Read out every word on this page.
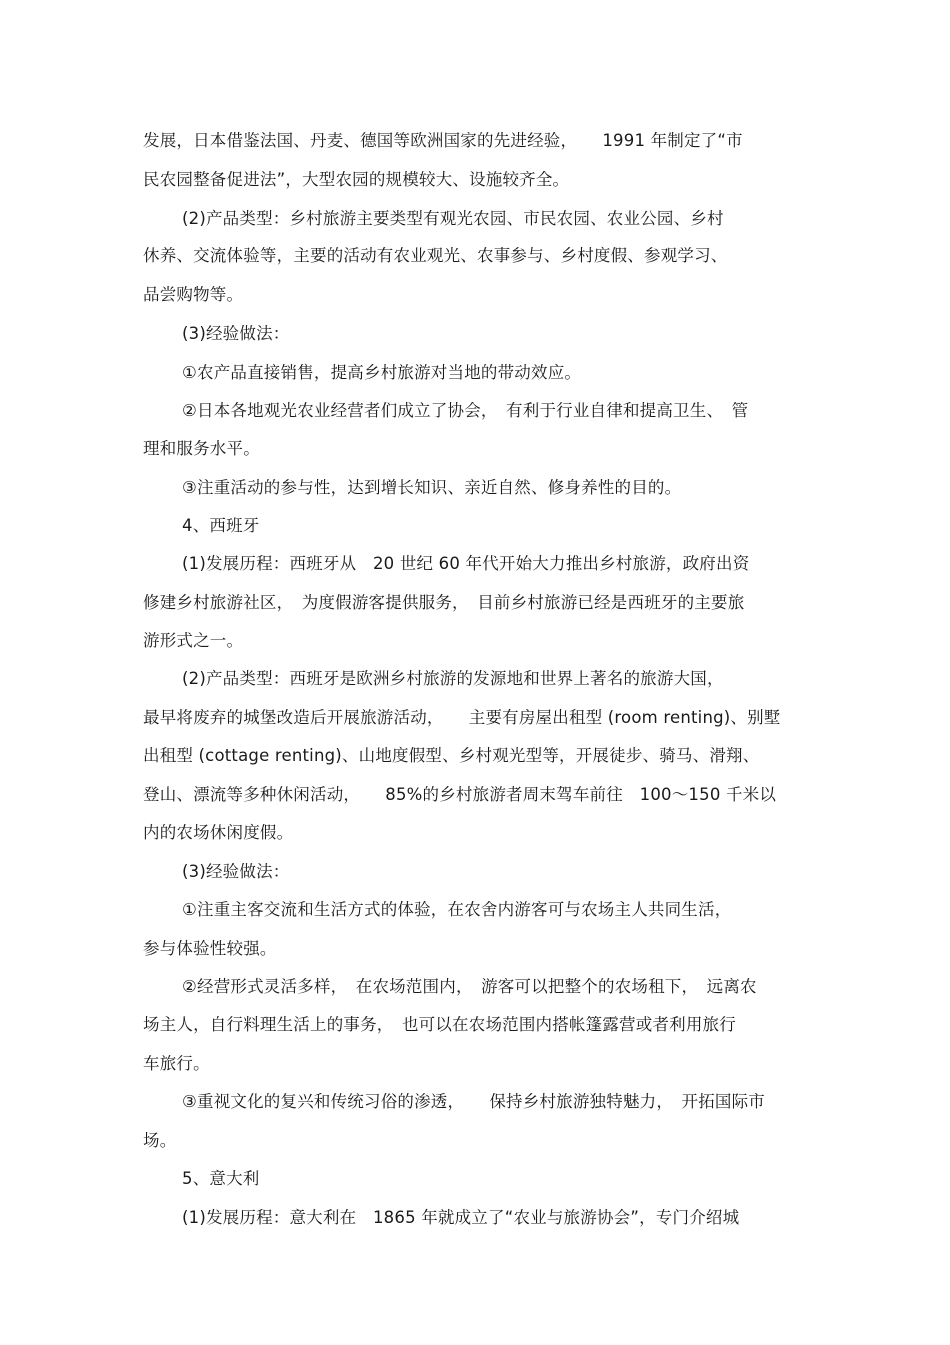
发展，日本借鉴法国、丹麦、德国等欧洲国家的先进经验，　　1991 年制定了“市
民农园整备促进法”，大型农园的规模较大、设施较齐全。
(2)产品类型：乡村旅游主要类型有观光农园、市民农园、农业公园、乡村
休养、交流体验等，主要的活动有农业观光、农事参与、乡村度假、参观学习、
品尝购物等。
(3)经验做法：
①农产品直接销售，提高乡村旅游对当地的带动效应。
②日本各地观光农业经营者们成立了协会，　有利于行业自律和提高卫生、　管
理和服务水平。
③注重活动的参与性，达到增长知识、亲近自然、修身养性的目的。
4、西班牙
(1)发展历程：西班牙从　20 世纪 60 年代开始大力推出乡村旅游，政府出资
修建乡村旅游社区，　为度假游客提供服务，　目前乡村旅游已经是西班牙的主要旅
游形式之一。
(2)产品类型：西班牙是欧洲乡村旅游的发源地和世界上著名的旅游大国，
最早将废弃的城堡改造后开展旅游活动，　　主要有房屋出租型 (room renting)、别墅
出租型 (cottage renting)、山地度假型、乡村观光型等，开展徒步、骑马、滑翔、
登山、漂流等多种休闲活动，　　85%的乡村旅游者周末驾车前往　100～150 千米以
内的农场休闲度假。
(3)经验做法：
①注重主客交流和生活方式的体验，在农舍内游客可与农场主人共同生活，
参与体验性较强。
②经营形式灵活多样，　在农场范围内，　游客可以把整个的农场租下，　远离农
场主人，自行料理生活上的事务，　也可以在农场范围内搭帐篷露营或者利用旅行
车旅行。
③重视文化的复兴和传统习俗的渗透，　　保持乡村旅游独特魅力，　开拓国际市
场。
5、意大利
(1)发展历程：意大利在　1865 年就成立了“农业与旅游协会”，专门介绍城
